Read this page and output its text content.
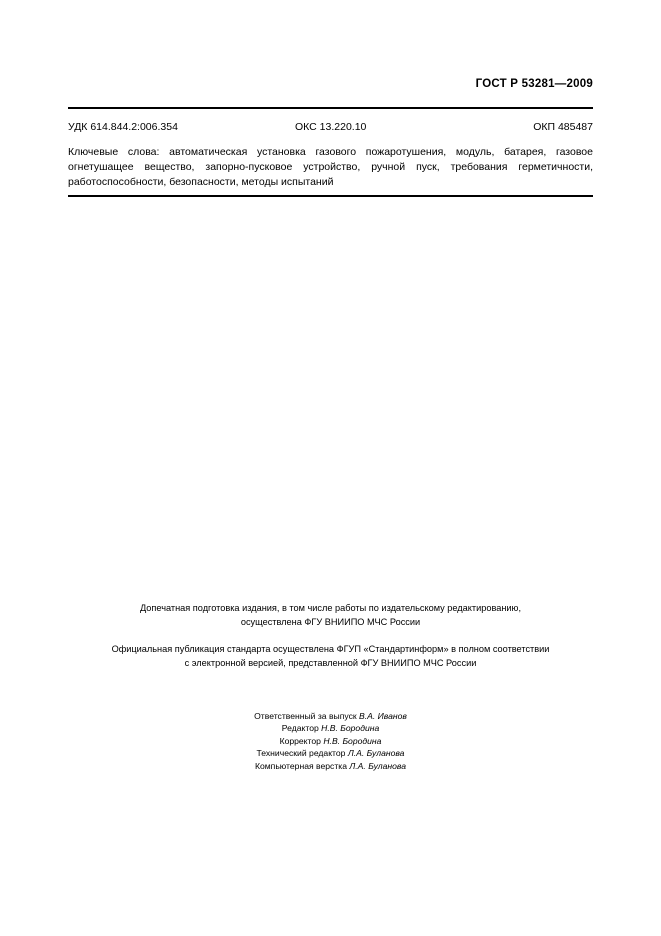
ГОСТ Р 53281—2009
УДК 614.844.2:006.354	ОКС 13.220.10	ОКП 485487
Ключевые слова: автоматическая установка газового пожаротушения, модуль, батарея, газовое огнетушащее вещество, запорно-пусковое устройство, ручной пуск, требования герметичности, работоспособности, безопасности, методы испытаний
Допечатная подготовка издания, в том числе работы по издательскому редактированию,
осуществлена ФГУ ВНИИПО МЧС России
Официальная публикация стандарта осуществлена ФГУП «Стандартинформ» в полном соответствии
с электронной версией, представленной ФГУ ВНИИПО МЧС России
Ответственный за выпуск В.А. Иванов
Редактор Н.В. Бородина
Корректор Н.В. Бородина
Технический редактор Л.А. Буланова
Компьютерная верстка Л.А. Буланова
